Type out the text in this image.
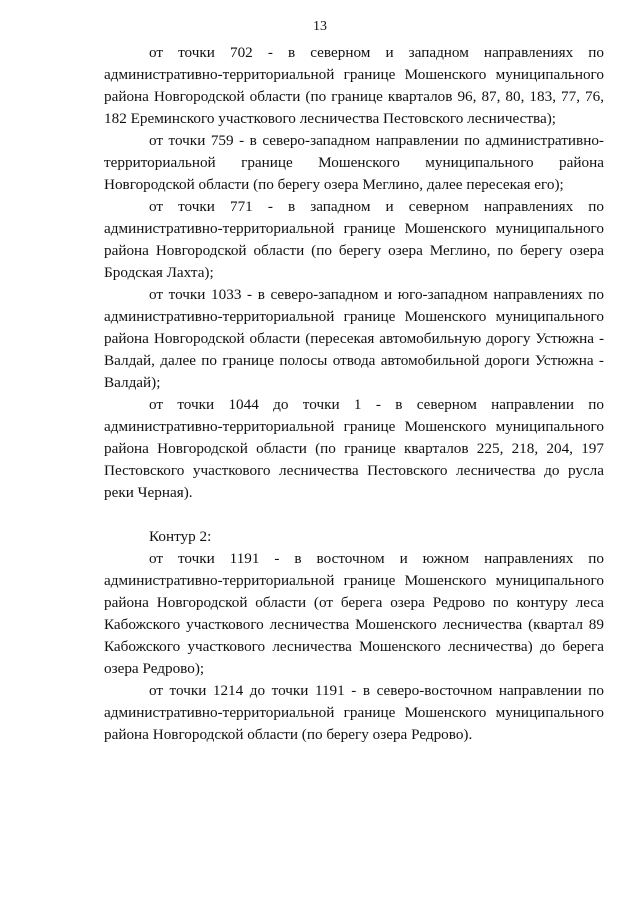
13

от точки 702 - в северном и западном направлениях по административно-территориальной границе Мошенского муниципального района Новгородской области (по границе кварталов 96, 87, 80, 183, 77, 76, 182 Ереминского участкового лесничества Пестовского лесничества);

от точки 759 - в северо-западном направлении по административно-территориальной границе Мошенского муниципального района Новгородской области (по берегу озера Меглино, далее пересекая его);

от точки 771 - в западном и северном направлениях по административно-территориальной границе Мошенского муниципального района Новгородской области (по берегу озера Меглино, по берегу озера Бродская Лахта);

от точки 1033 - в северо-западном и юго-западном направлениях по административно-территориальной границе Мошенского муниципального района Новгородской области (пересекая автомобильную дорогу Устюжна - Валдай, далее по границе полосы отвода автомобильной дороги Устюжна - Валдай);

от точки 1044 до точки 1 - в северном направлении по административно-территориальной границе Мошенского муниципального района Новгородской области (по границе кварталов 225, 218, 204, 197 Пестовского участкового лесничества Пестовского лесничества до русла реки Черная).

Контур 2:

от точки 1191 - в восточном и южном направлениях по административно-территориальной границе Мошенского муниципального района Новгородской области (от берега озера Редрово по контуру леса Кабожского участкового лесничества Мошенского лесничества (квартал 89 Кабожского участкового лесничества Мошенского лесничества) до берега озера Редрово);

от точки 1214 до точки 1191 - в северо-восточном направлении по административно-территориальной границе Мошенского муниципального района Новгородской области (по берегу озера Редрово).
